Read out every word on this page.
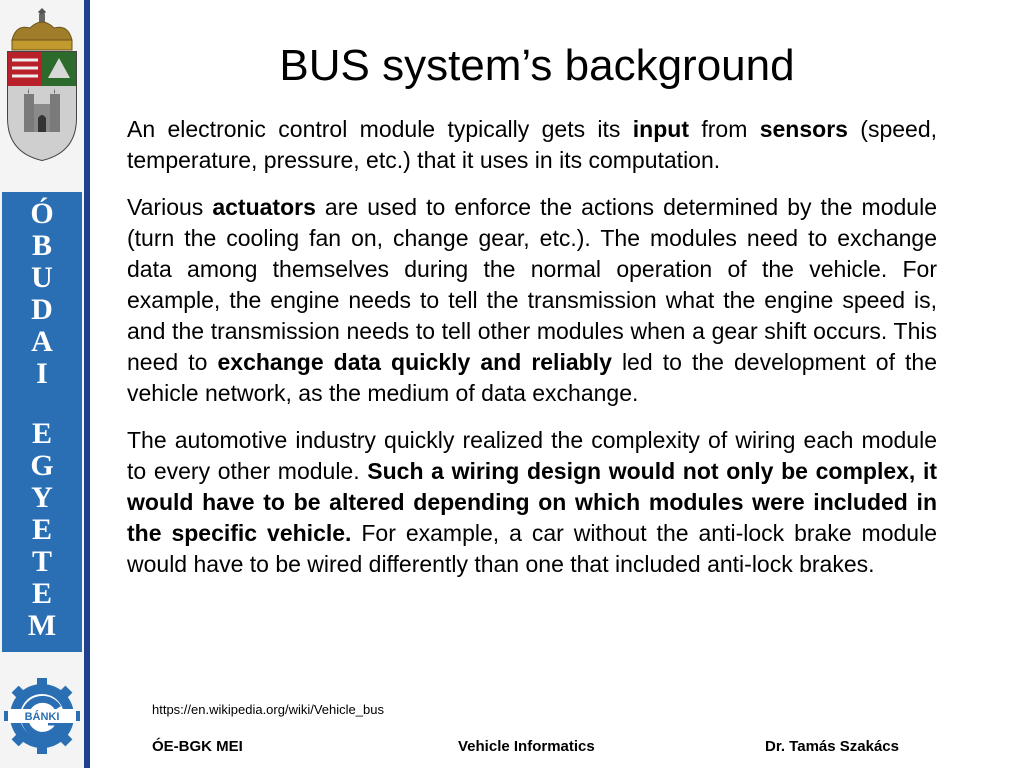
Ó
B
U
D
A
I
E
G
Y
E
T
E
M
BÁNKI
BUS system’s background

An electronic control module typically gets its input from sensors (speed, temperature, pressure, etc.) that it uses in its computation.

Various actuators are used to enforce the actions determined by the module (turn the cooling fan on, change gear, etc.). The modules need to exchange data among themselves during the normal operation of the vehicle. For example, the engine needs to tell the transmission what the engine speed is, and the transmission needs to tell other modules when a gear shift occurs. This need to exchange data quickly and reliably led to the development of the vehicle network, as the medium of data exchange.

The automotive industry quickly realized the complexity of wiring each module to every other module. Such a wiring design would not only be complex, it would have to be altered depending on which modules were included in the specific vehicle. For example, a car without the anti-lock brake module would have to be wired differently than one that included anti-lock brakes.

https://en.wikipedia.org/wiki/Vehicle_bus
ÓE-BGK MEI	Vehicle Informatics	Dr. Tamás Szakács
